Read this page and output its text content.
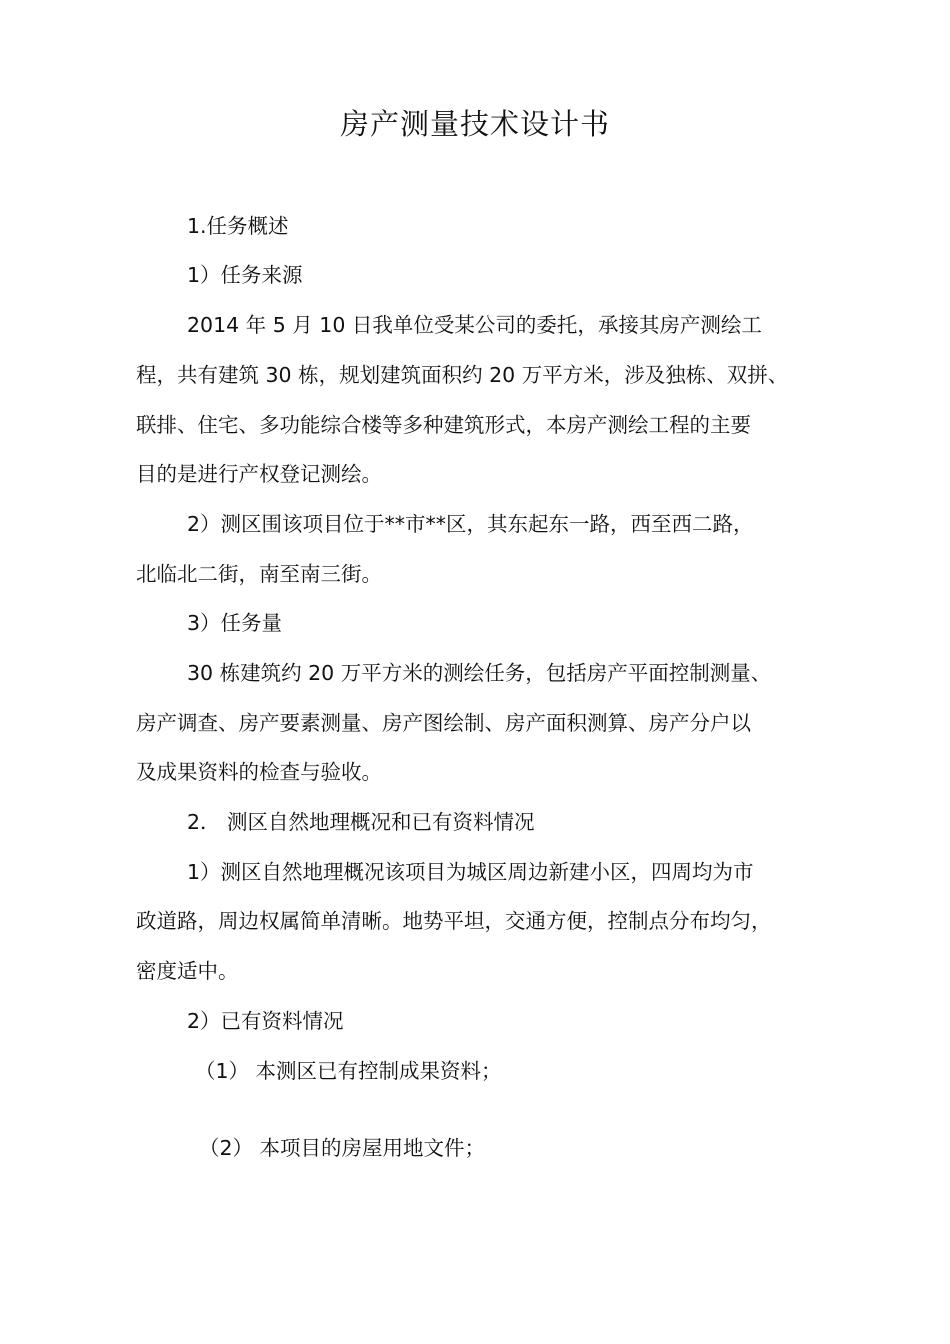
房产测量技术设计书
1.任务概述
1）任务来源
2014 年 5 月 10 日我单位受某公司的委托，承接其房产测绘工
程，共有建筑 30 栋，规划建筑面积约 20 万平方米，涉及独栋、双拼、
联排、住宅、多功能综合楼等多种建筑形式，本房产测绘工程的主要
目的是进行产权登记测绘。
2）测区围该项目位于**市**区，其东起东一路，西至西二路，
北临北二街，南至南三街。
3）任务量
30 栋建筑约 20 万平方米的测绘任务，包括房产平面控制测量、
房产调查、房产要素测量、房产图绘制、房产面积测算、房产分户以
及成果资料的检查与验收。
2． 测区自然地理概况和已有资料情况
1）测区自然地理概况该项目为城区周边新建小区，四周均为市
政道路，周边权属简单清晰。地势平坦，交通方便，控制点分布均匀，
密度适中。
2）已有资料情况
（1） 本测区已有控制成果资料；
（2） 本项目的房屋用地文件；
